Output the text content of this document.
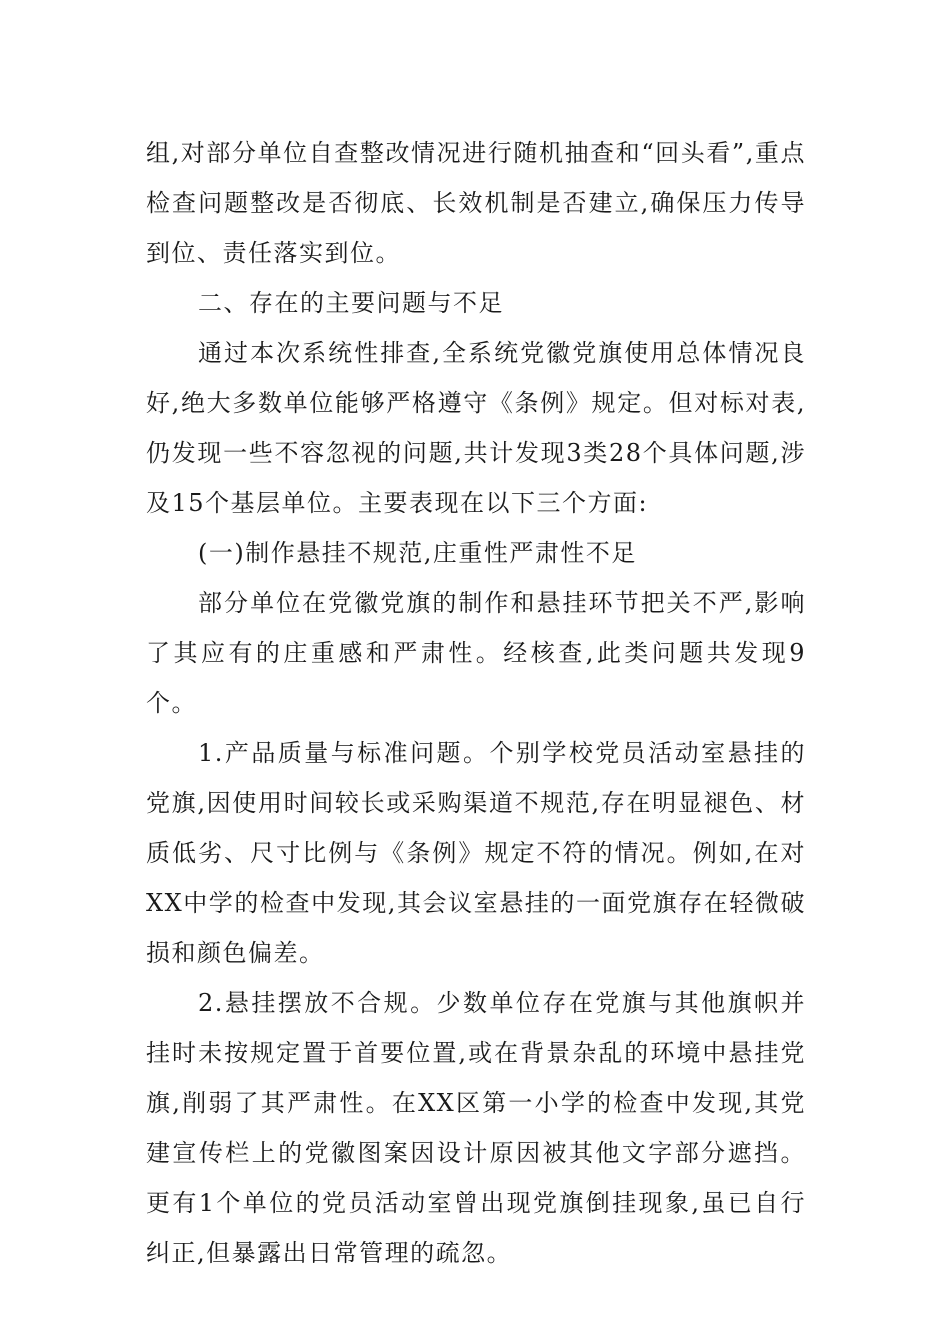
组,对部分单位自查整改情况进行随机抽查和“回头看”,重点检查问题整改是否彻底、长效机制是否建立,确保压力传导到位、责任落实到位。

二、存在的主要问题与不足

通过本次系统性排查,全系统党徽党旗使用总体情况良好,绝大多数单位能够严格遵守《条例》规定。但对标对表,仍发现一些不容忽视的问题,共计发现3类28个具体问题,涉及15个基层单位。主要表现在以下三个方面:

(一)制作悬挂不规范,庄重性严肃性不足

部分单位在党徽党旗的制作和悬挂环节把关不严,影响了其应有的庄重感和严肃性。经核查,此类问题共发现9个。

1.产品质量与标准问题。个别学校党员活动室悬挂的党旗,因使用时间较长或采购渠道不规范,存在明显褪色、材质低劣、尺寸比例与《条例》规定不符的情况。例如,在对XX中学的检查中发现,其会议室悬挂的一面党旗存在轻微破损和颜色偏差。

2.悬挂摆放不合规。少数单位存在党旗与其他旗帜并挂时未按规定置于首要位置,或在背景杂乱的环境中悬挂党旗,削弱了其严肃性。在XX区第一小学的检查中发现,其党建宣传栏上的党徽图案因设计原因被其他文字部分遮挡。更有1个单位的党员活动室曾出现党旗倒挂现象,虽已自行纠正,但暴露出日常管理的疏忽。
